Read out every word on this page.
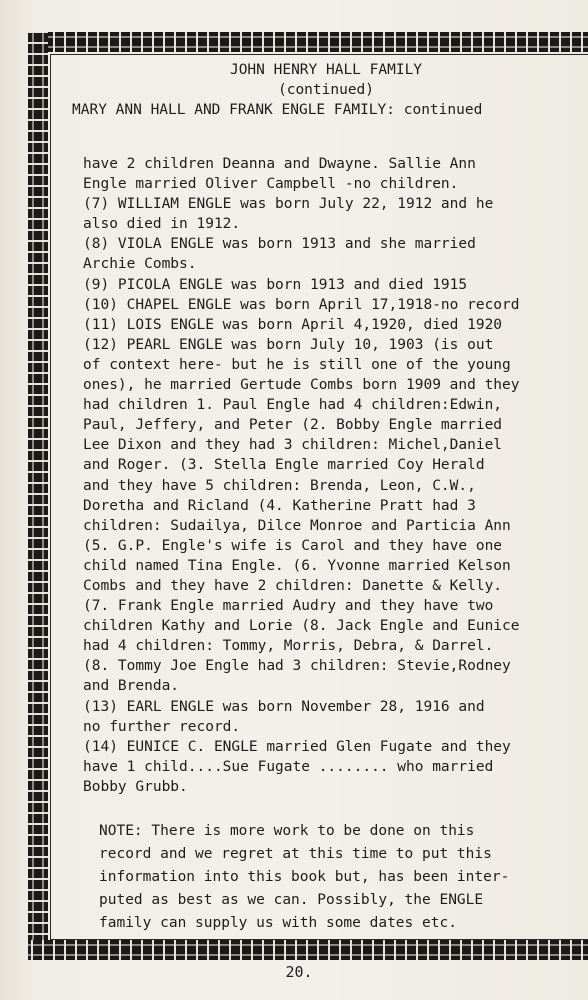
JOHN HENRY HALL FAMILY

(continued)

MARY ANN HALL AND FRANK ENGLE FAMILY: continued

have 2 children Deanna and Dwayne. Sallie Ann
Engle married Oliver Campbell -no children.
(7) WILLIAM ENGLE was born July 22, 1912 and he
also died in 1912.
(8) VIOLA ENGLE was born 1913 and she married
Archie Combs.
(9) PICOLA ENGLE was born 1913 and died 1915
(10) CHAPEL ENGLE was born April 17,1918-no record
(11) LOIS ENGLE was born April 4,1920, died 1920
(12) PEARL ENGLE was born July 10, 1903 (is out
of context here- but he is still one of the young
ones), he married Gertude Combs born 1909 and they
had children 1. Paul Engle had 4 children:Edwin,
Paul, Jeffery, and Peter (2. Bobby Engle married
Lee Dixon and they had 3 children: Michel,Daniel
and Roger. (3. Stella Engle married Coy Herald
and they have 5 children: Brenda, Leon, C.W.,
Doretha and Ricland (4. Katherine Pratt had 3
children: Sudailya, Dilce Monroe and Particia Ann
(5. G.P. Engle's wife is Carol and they have one
child named Tina Engle. (6. Yvonne married Kelson
Combs and they have 2 children: Danette & Kelly.
(7. Frank Engle married Audry and they have two
children Kathy and Lorie (8. Jack Engle and Eunice
had 4 children: Tommy, Morris, Debra, & Darrel.
(8. Tommy Joe Engle had 3 children: Stevie,Rodney
and Brenda.
(13) EARL ENGLE was born November 28, 1916 and
no further record.
(14) EUNICE C. ENGLE married Glen Fugate and they
have 1 child....Sue Fugate ........ who married
Bobby Grubb.
NOTE: There is more work to be done on this
record and we regret at this time to put this
information into this book but, has been inter-
puted as best as we can. Possibly, the ENGLE
family can supply us with some dates etc.
20.
